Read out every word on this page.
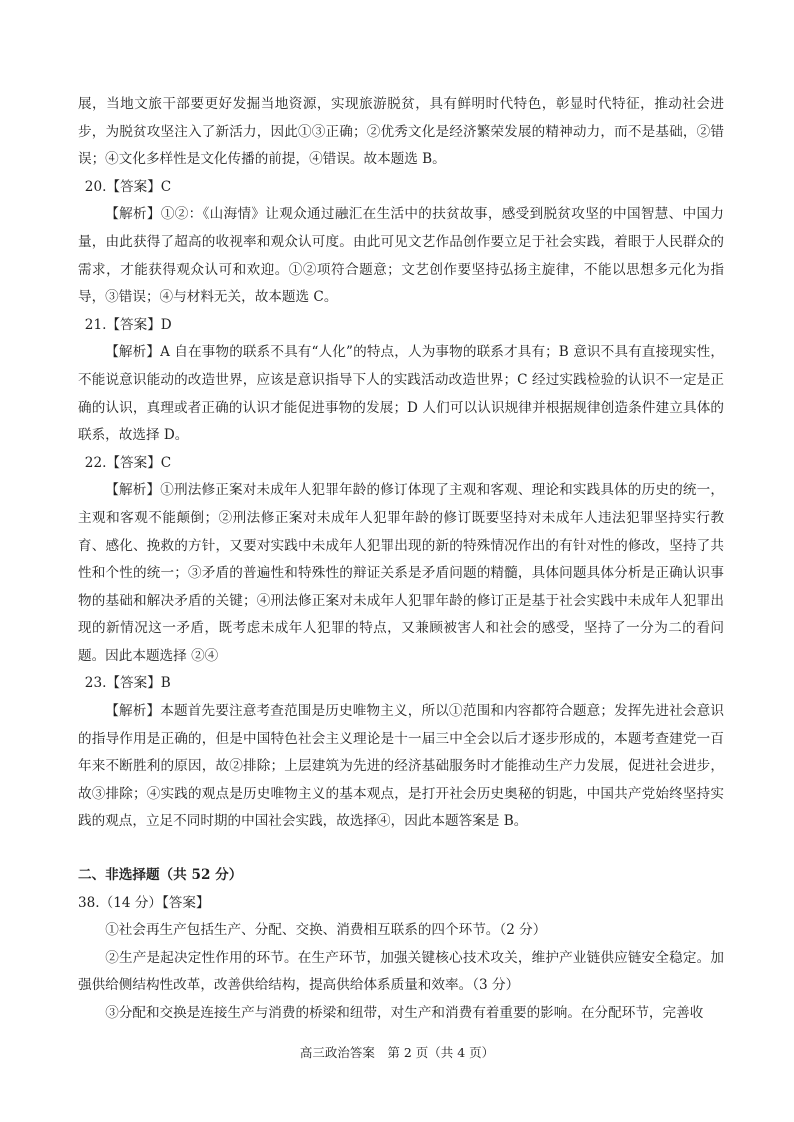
展，当地文旅干部要更好发掘当地资源，实现旅游脱贫，具有鲜明时代特色，彰显时代特征，推动社会进步，为脱贫攻坚注入了新活力，因此①③正确；②优秀文化是经济繁荣发展的精神动力，而不是基础，②错误；④文化多样性是文化传播的前提，④错误。故本题选 B。

20.【答案】C

【解析】①②：《山海情》让观众通过融汇在生活中的扶贫故事，感受到脱贫攻坚的中国智慧、中国力量，由此获得了超高的收视率和观众认可度。由此可见文艺作品创作要立足于社会实践，着眼于人民群众的需求，才能获得观众认可和欢迎。①②项符合题意；文艺创作要坚持弘扬主旋律，不能以思想多元化为指导，③错误；④与材料无关，故本题选 C。

21.【答案】D

【解析】A 自在事物的联系不具有“人化”的特点，人为事物的联系才具有；B 意识不具有直接现实性，不能说意识能动的改造世界，应该是意识指导下人的实践活动改造世界；C 经过实践检验的认识不一定是正确的认识，真理或者正确的认识才能促进事物的发展；D 人们可以认识规律并根据规律创造条件建立具体的联系，故选择 D。

22.【答案】C

【解析】①刑法修正案对未成年人犯罪年龄的修订体现了主观和客观、理论和实践具体的历史的统一，主观和客观不能颠倒；②刑法修正案对未成年人犯罪年龄的修订既要坚持对未成年人违法犯罪坚持实行教育、感化、挽救的方针，又要对实践中未成年人犯罪出现的新的特殊情况作出的有针对性的修改，坚持了共性和个性的统一；③矛盾的普遍性和特殊性的辩证关系是矛盾问题的精髓，具体问题具体分析是正确认识事物的基础和解决矛盾的关键；④刑法修正案对未成年人犯罪年龄的修订正是基于社会实践中未成年人犯罪出现的新情况这一矛盾，既考虑未成年人犯罪的特点，又兼顾被害人和社会的感受，坚持了一分为二的看问题。因此本题选择 ②④

23.【答案】B

【解析】本题首先要注意考查范围是历史唯物主义，所以①范围和内容都符合题意；发挥先进社会意识的指导作用是正确的，但是中国特色社会主义理论是十一届三中全会以后才逐步形成的，本题考查建党一百年来不断胜利的原因，故②排除；上层建筑为先进的经济基础服务时才能推动生产力发展，促进社会进步，故③排除；④实践的观点是历史唯物主义的基本观点，是打开社会历史奥秘的钥匙，中国共产党始终坚持实践的观点，立足不同时期的中国社会实践，故选择④，因此本题答案是 B。

二、非选择题（共 52 分）

38.（14 分）【答案】

①社会再生产包括生产、分配、交换、消费相互联系的四个环节。（2 分）

②生产是起决定性作用的环节。在生产环节，加强关键核心技术攻关，维护产业链供应链安全稳定。加强供给侧结构性改革，改善供给结构，提高供给体系质量和效率。（3 分）

③分配和交换是连接生产与消费的桥梁和纽带，对生产和消费有着重要的影响。在分配环节，完善收

高三政治答案　第 2 页（共 4 页）
